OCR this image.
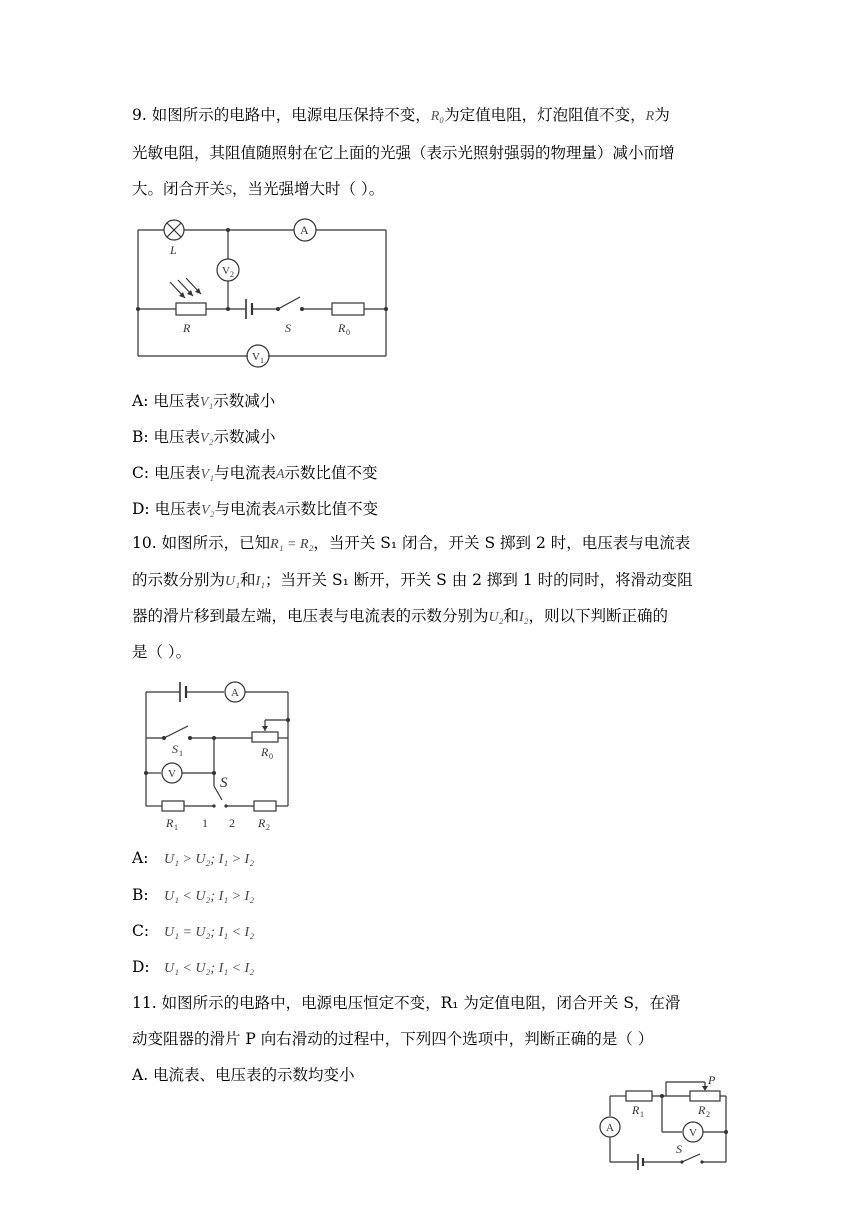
9. 如图所示的电路中，电源电压保持不变，R₀为定值电阻，灯泡阻值不变，R为
光敏电阻，其阻值随照射在它上面的光强（表示光照射强弱的物理量）减小而增
大。闭合开关S，当光强增大时（ ）。
L
A
V 2
R	S	R 0
V 1
A: 电压表V₁示数减小
B: 电压表V₂示数减小
C: 电压表V₁与电流表A示数比值不变
D: 电压表V₂与电流表A示数比值不变
10. 如图所示，已知R₁ = R₂，当开关 S₁ 闭合，开关 S 掷到 2 时，电压表与电流表
的示数分别为U₁和I₁；当开关 S₁ 断开，开关 S 由 2 掷到 1 时的同时，将滑动变阻
器的滑片移到最左端，电压表与电流表的示数分别为U₂和I₂，则以下判断正确的
是（ ）。
A
V
S 1	R 0
S
R 1 1 2 R 2
A: U₁ > U₂; I₁ > I₂
B: U₁ < U₂; I₁ > I₂
C: U₁ = U₂; I₁ < I₂
D: U₁ < U₂; I₁ < I₂
11. 如图所示的电路中，电源电压恒定不变，R₁ 为定值电阻，闭合开关 S，在滑
动变阻器的滑片 P 向右滑动的过程中，下列四个选项中，判断正确的是（ ）
A. 电流表、电压表的示数均变小	P
R 1	R 2
A	V
S
